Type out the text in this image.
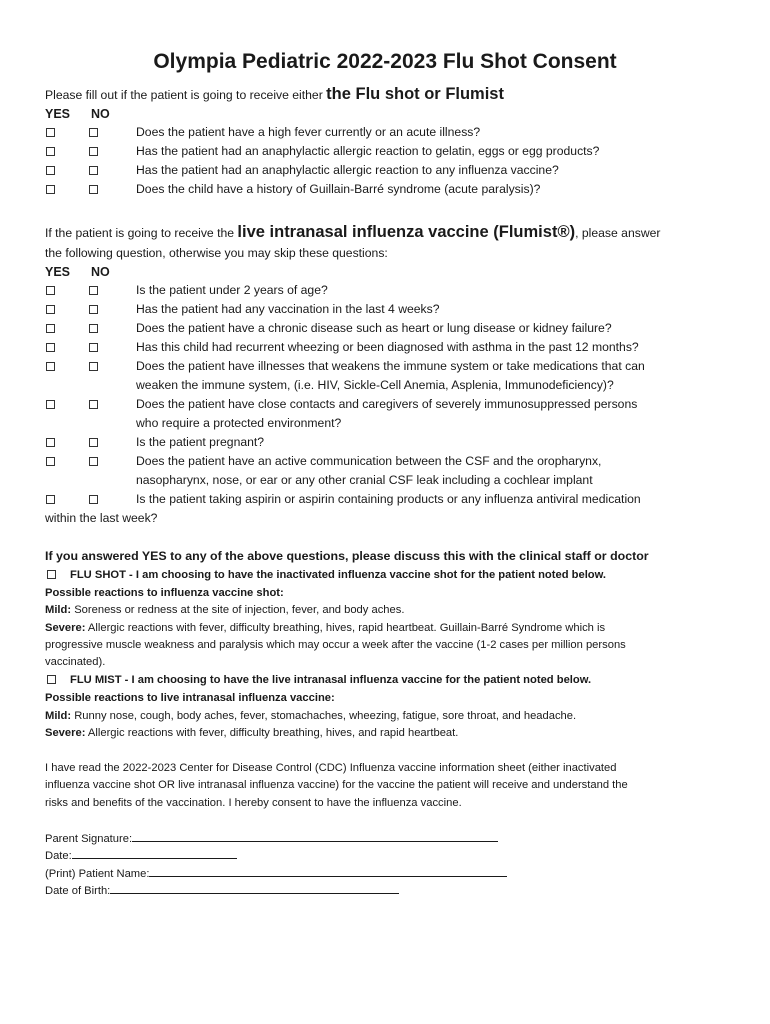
Olympia Pediatric 2022-2023 Flu Shot Consent
Please fill out if the patient is going to receive either the Flu shot or Flumist
YES NO
Does the patient have a high fever currently or an acute illness?
Has the patient had an anaphylactic allergic reaction to gelatin, eggs or egg products?
Has the patient had an anaphylactic allergic reaction to any influenza vaccine?
Does the child have a history of Guillain-Barré syndrome (acute paralysis)?
If the patient is going to receive the live intranasal influenza vaccine (Flumist®), please answer
the following question, otherwise you may skip these questions:
YES NO
Is the patient under 2 years of age?
Has the patient had any vaccination in the last 4 weeks?
Does the patient have a chronic disease such as heart or lung disease or kidney failure?
Has this child had recurrent wheezing or been diagnosed with asthma in the past 12 months?
Does the patient have illnesses that weakens the immune system or take medications that can
weaken the immune system, (i.e. HIV, Sickle-Cell Anemia, Asplenia, Immunodeficiency)?
Does the patient have close contacts and caregivers of severely immunosuppressed persons
who require a protected environment?
Is the patient pregnant?
Does the patient have an active communication between the CSF and the oropharynx,
nasopharynx, nose, or ear or any other cranial CSF leak including a cochlear implant
Is the patient taking aspirin or aspirin containing products or any influenza antiviral medication
within the last week?
If you answered YES to any of the above questions, please discuss this with the clinical staff or doctor
FLU SHOT - I am choosing to have the inactivated influenza vaccine shot for the patient noted below.
Possible reactions to influenza vaccine shot:
Mild: Soreness or redness at the site of injection, fever, and body aches.
Severe: Allergic reactions with fever, difficulty breathing, hives, rapid heartbeat. Guillain-Barré Syndrome which is
progressive muscle weakness and paralysis which may occur a week after the vaccine (1-2 cases per million persons
vaccinated).
FLU MIST - I am choosing to have the live intranasal influenza vaccine for the patient noted below.
Possible reactions to live intranasal influenza vaccine:
Mild: Runny nose, cough, body aches, fever, stomachaches, wheezing, fatigue, sore throat, and headache.
Severe: Allergic reactions with fever, difficulty breathing, hives, and rapid heartbeat.
I have read the 2022-2023 Center for Disease Control (CDC) Influenza vaccine information sheet (either inactivated
influenza vaccine shot OR live intranasal influenza vaccine) for the vaccine the patient will receive and understand the
risks and benefits of the vaccination. I hereby consent to have the influenza vaccine.
Parent Signature:
Date:
(Print) Patient Name:
Date of Birth:
